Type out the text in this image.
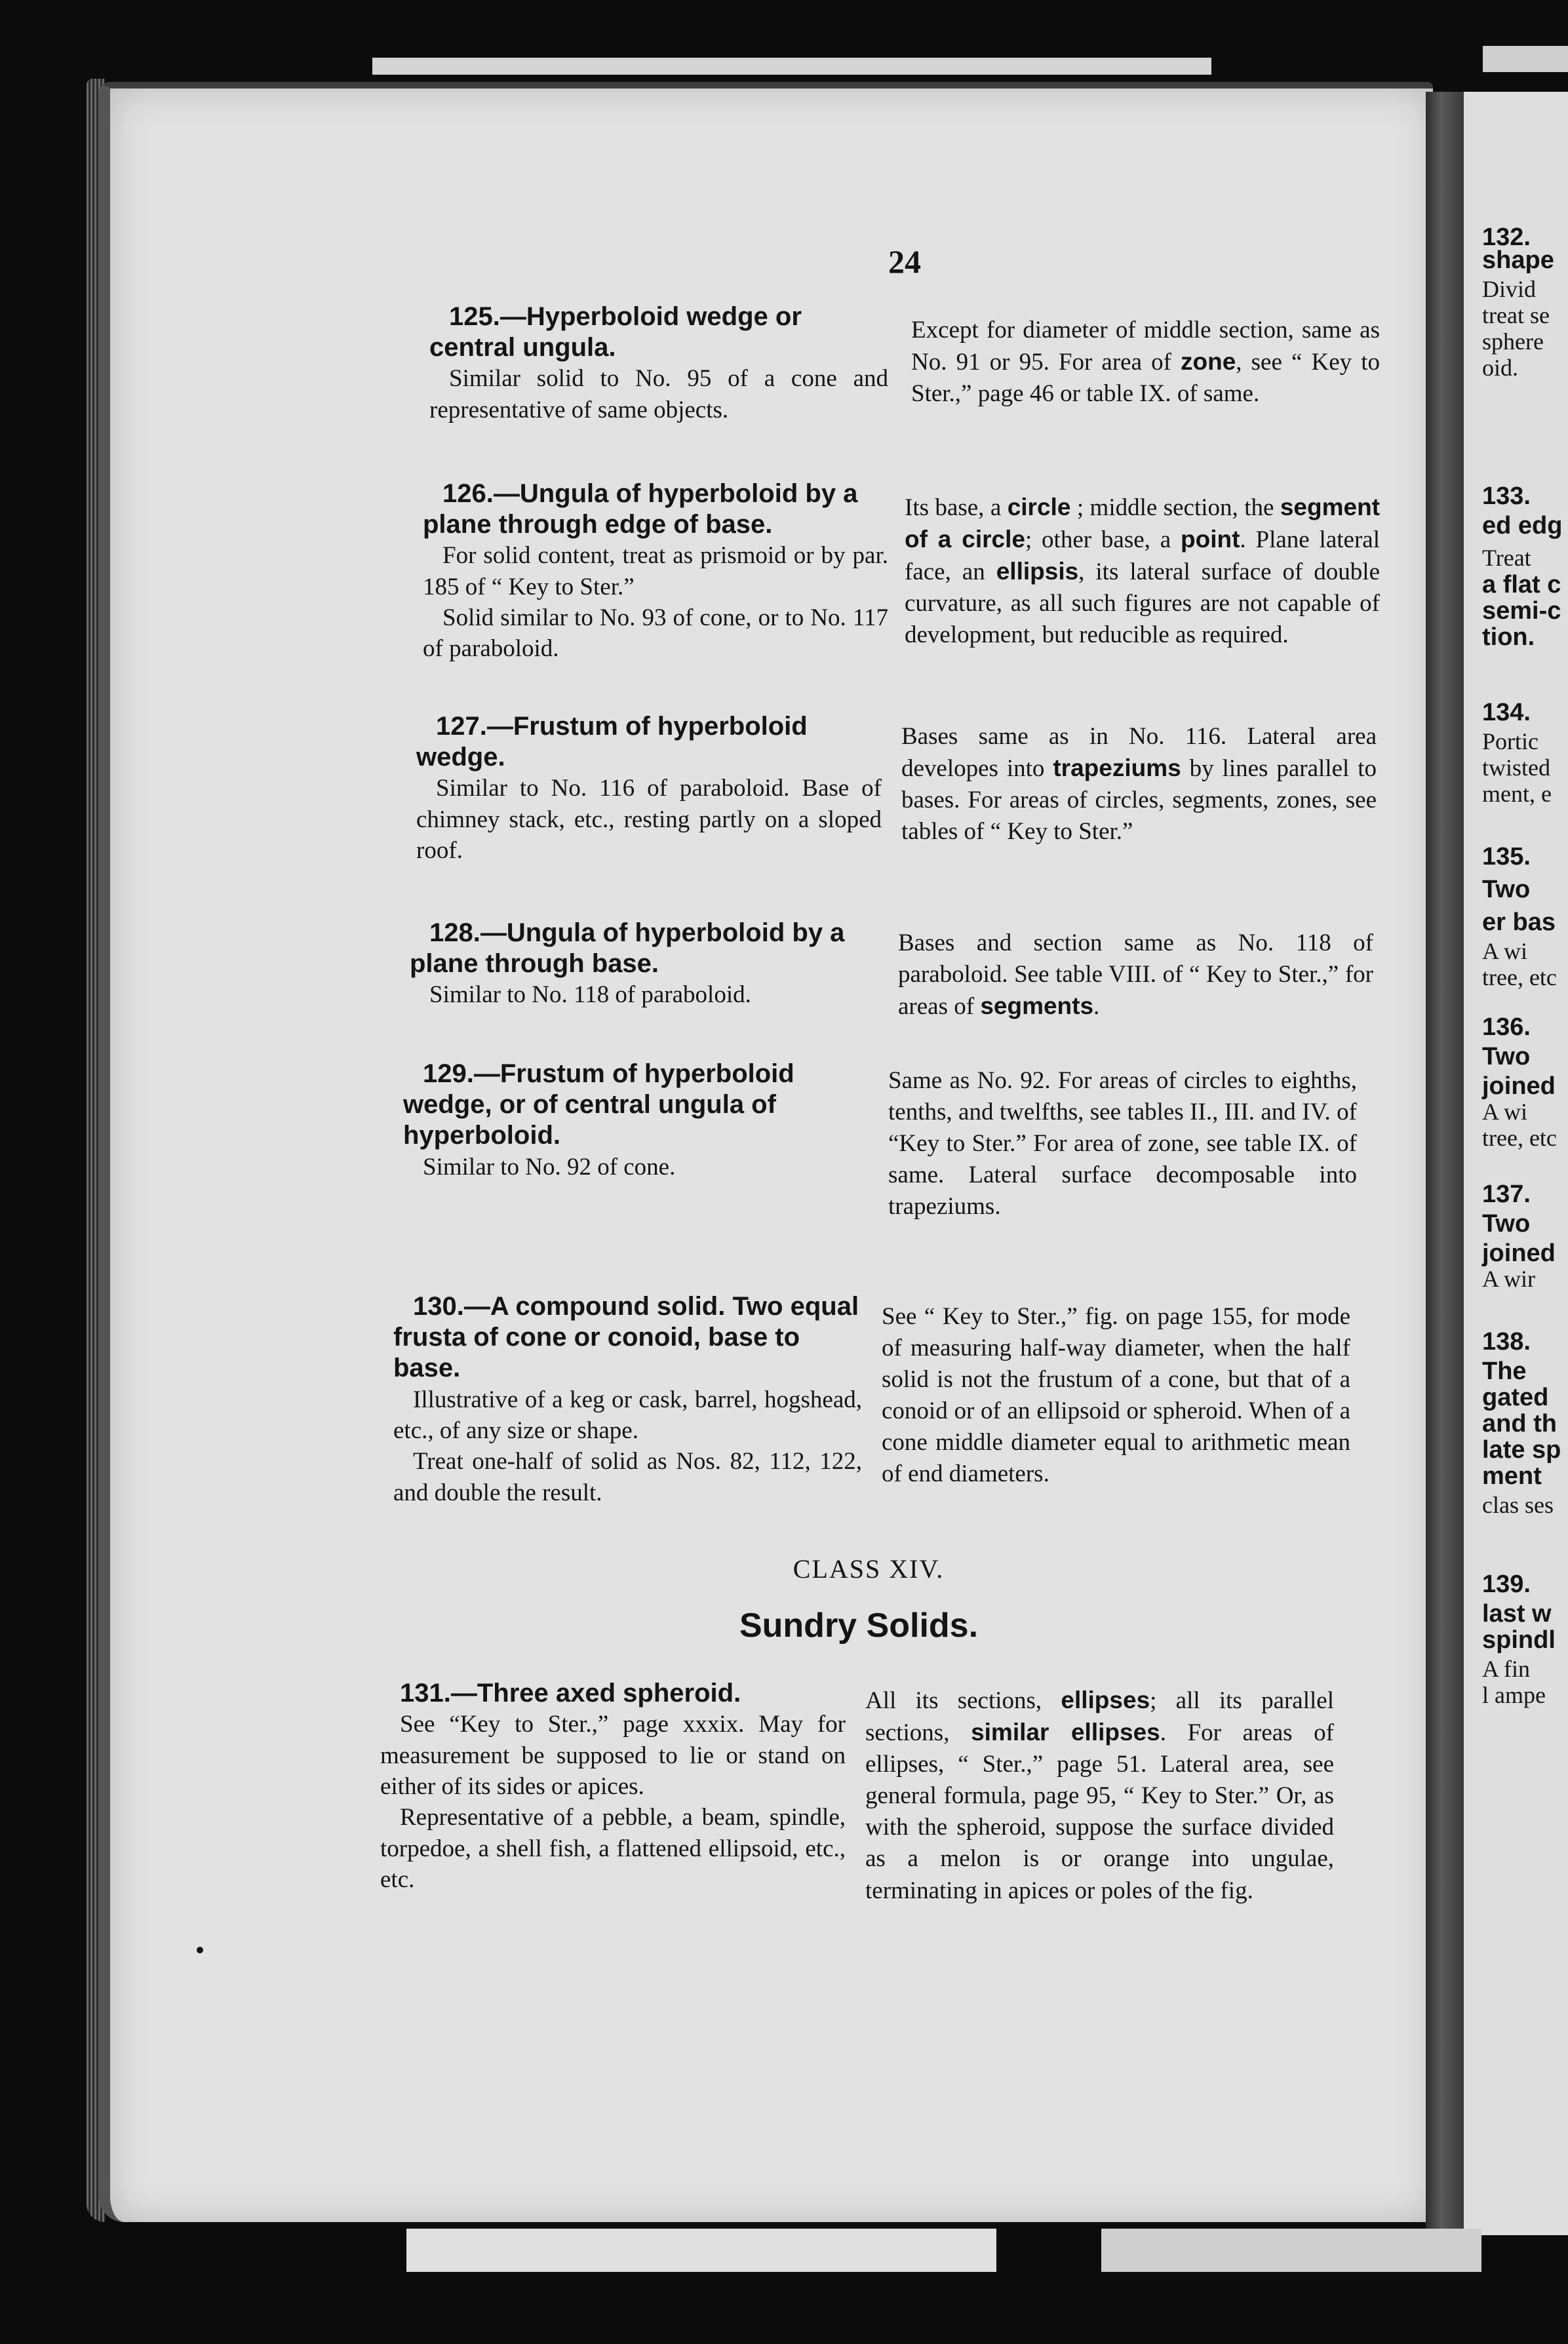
132.
shape
Divid
treat se
sphere
oid.
133.
ed edg
Treat
a flat c
semi-c
tion.
134.
Portic
twisted
ment, e
135.
Two
er bas
A wi
tree, etc
136.
Two
joined
A wi
tree, etc
137.
Two
joined
A wir
138.
The
gated
and th
late sp
ment
clas ses
139.
last w
spindl
A fin
l ampe
24
125.—Hyperboloid wedge or central ungula.

Similar solid to No. 95 of a cone and representative of same objects.

Except for diameter of middle section, same as No. 91 or 95. For area of zone, see “ Key to Ster.,” page 46 or table IX. of same.
126.—Ungula of hyperboloid by a plane through edge of base.

For solid content, treat as prismoid or by par. 185 of “ Key to Ster.”

Solid similar to No. 93 of cone, or to No. 117 of paraboloid.

Its base, a circle ; middle section, the segment of a circle; other base, a point. Plane lateral face, an ellipsis, its lateral surface of double curvature, as all such figures are not capable of development, but reducible as required.
127.—Frustum of hyperboloid wedge.

Similar to No. 116 of paraboloid. Base of chimney stack, etc., resting partly on a sloped roof.

Bases same as in No. 116. Lateral area developes into trapeziums by lines parallel to bases. For areas of circles, segments, zones, see tables of “ Key to Ster.”
128.—Ungula of hyperboloid by a plane through base.

Similar to No. 118 of paraboloid.

Bases and section same as No. 118 of paraboloid. See table VIII. of “ Key to Ster.,” for areas of segments.
129.—Frustum of hyperboloid wedge, or of central ungula of hyperboloid.

Similar to No. 92 of cone.

Same as No. 92. For areas of circles to eighths, tenths, and twelfths, see tables II., III. and IV. of “Key to Ster.” For area of zone, see table IX. of same. Lateral surface decomposable into trapeziums.
130.—A compound solid. Two equal frusta of cone or conoid, base to base.

Illustrative of a keg or cask, barrel, hogshead, etc., of any size or shape.

Treat one-half of solid as Nos. 82, 112, 122, and double the result.

See “ Key to Ster.,” fig. on page 155, for mode of measuring half-way diameter, when the half solid is not the frustum of a cone, but that of a conoid or of an ellipsoid or spheroid. When of a cone middle diameter equal to arithmetic mean of end diameters.
CLASS XIV.
Sundry Solids.
131.—Three axed spheroid.

See “Key to Ster.,” page xxxix. May for measurement be supposed to lie or stand on either of its sides or apices.

Representative of a pebble, a beam, spindle, torpedoe, a shell fish, a flattened ellipsoid, etc., etc.

All its sections, ellipses; all its parallel sections, similar ellipses. For areas of ellipses, “ Ster.,” page 51. Lateral area, see general formula, page 95, “ Key to Ster.” Or, as with the spheroid, suppose the surface divided as a melon is or orange into ungulae, terminating in apices or poles of the fig.
